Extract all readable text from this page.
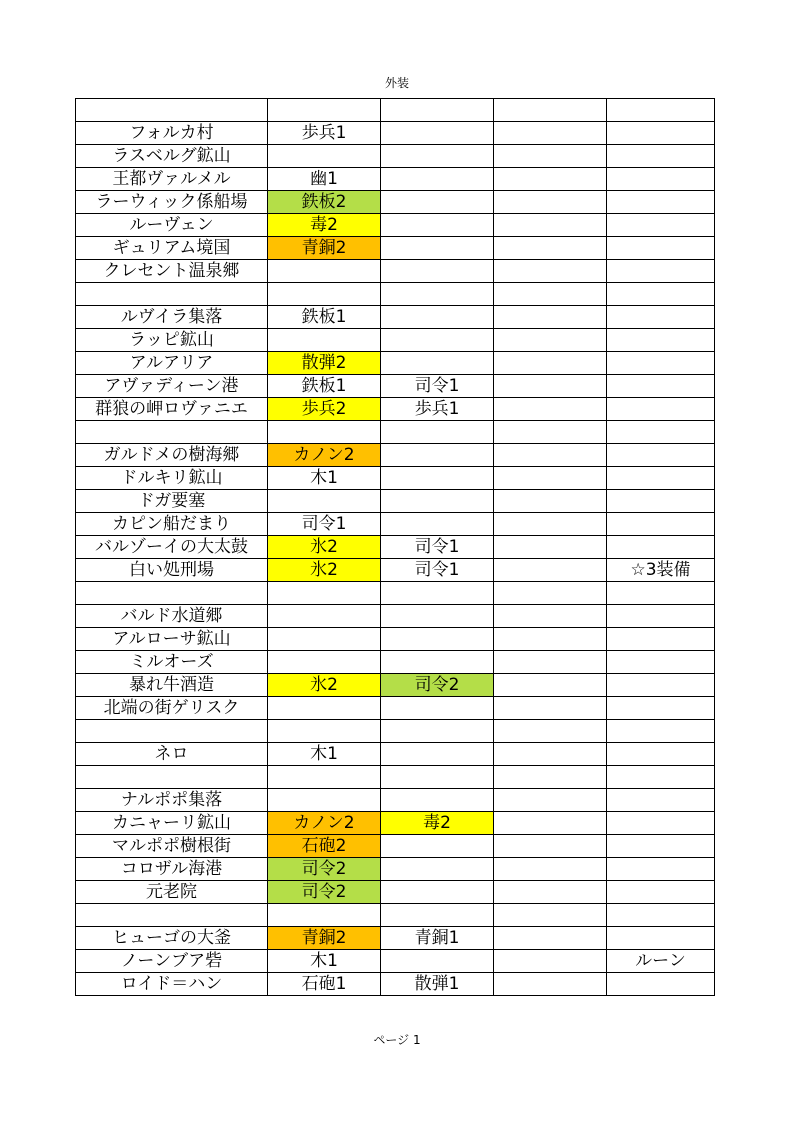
外装

フォルカ村	歩兵1			
ラスベルグ鉱山				
王都ヴァルメル	幽1			
ラーウィック係船場	鉄板2			
ルーヴェン	毒2			
ギュリアム境国	青銅2			
クレセント温泉郷				

ルヴイラ集落	鉄板1			
ラッピ鉱山				
アルアリア	散弾2			
アヴァディーン港	鉄板1	司令1		
群狼の岬ロヴァニエ	歩兵2	歩兵1		

ガルドメの樹海郷	カノン2			
ドルキリ鉱山	木1			
ドガ要塞				
カピン船だまり	司令1			
バルゾーイの大太鼓	氷2	司令1		
白い処刑場	氷2	司令1		☆3装備

バルド水道郷				
アルローサ鉱山				
ミルオーズ				
暴れ牛酒造	氷2	司令2		
北端の街ゲリスク				

ネロ	木1			

ナルポポ集落				
カニャーリ鉱山	カノン2	毒2		
マルポポ樹根街	石砲2			
コロザル海港	司令2			
元老院	司令2			

ヒューゴの大釜	青銅2	青銅1		
ノーンブア砦	木1			ルーン
ロイド＝ハン	石砲1	散弾1		
ページ 1
